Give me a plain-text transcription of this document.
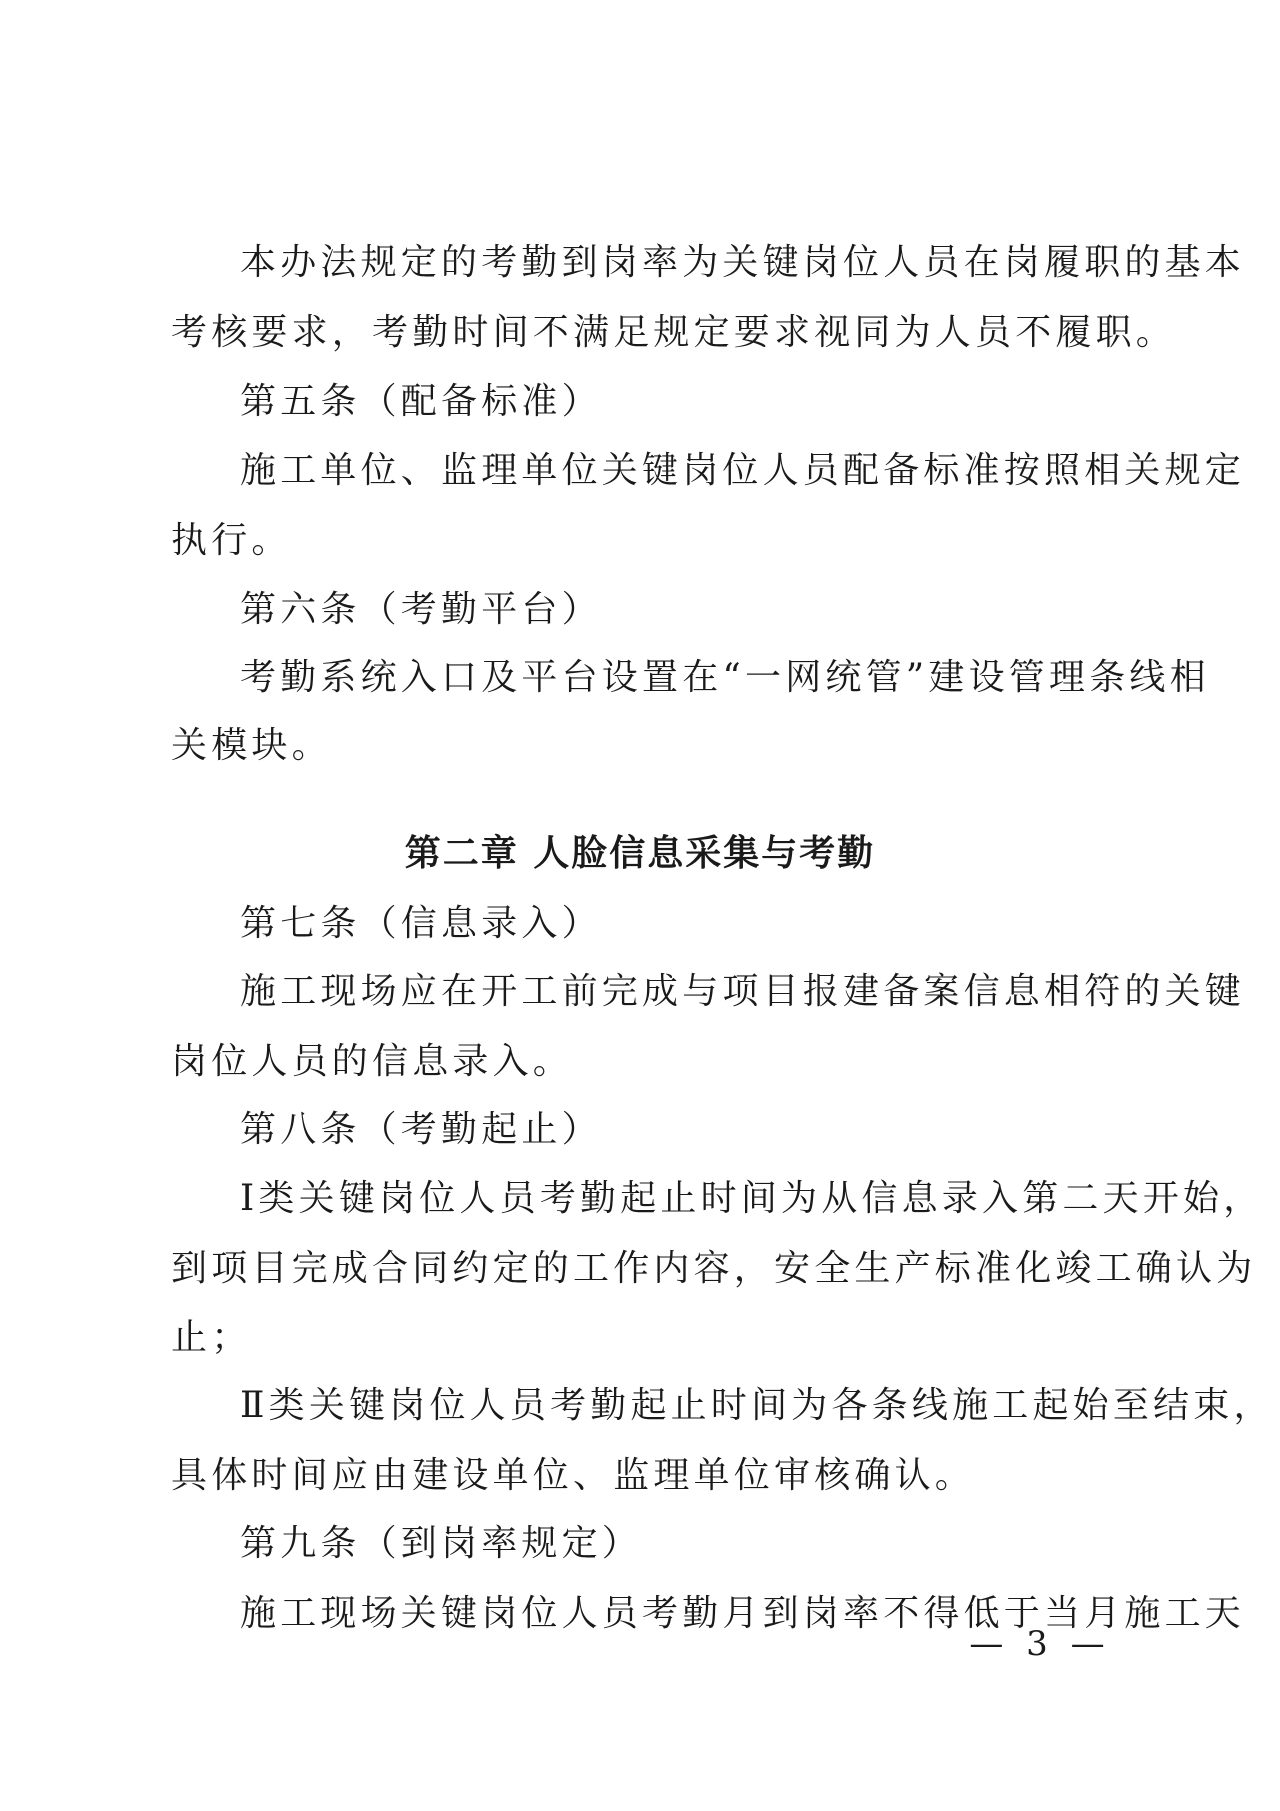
本办法规定的考勤到岗率为关键岗位人员在岗履职的基本
考核要求，考勤时间不满足规定要求视同为人员不履职。
第五条（配备标准）
施工单位、监理单位关键岗位人员配备标准按照相关规定
执行。
第六条（考勤平台）
考勤系统入口及平台设置在“一网统管”建设管理条线相
关模块。
第二章 人脸信息采集与考勤
第七条（信息录入）
施工现场应在开工前完成与项目报建备案信息相符的关键
岗位人员的信息录入。
第八条（考勤起止）
Ⅰ类关键岗位人员考勤起止时间为从信息录入第二天开始，
到项目完成合同约定的工作内容，安全生产标准化竣工确认为
止；
Ⅱ类关键岗位人员考勤起止时间为各条线施工起始至结束，
具体时间应由建设单位、监理单位审核确认。
第九条（到岗率规定）
施工现场关键岗位人员考勤月到岗率不得低于当月施工天
— 3 —
